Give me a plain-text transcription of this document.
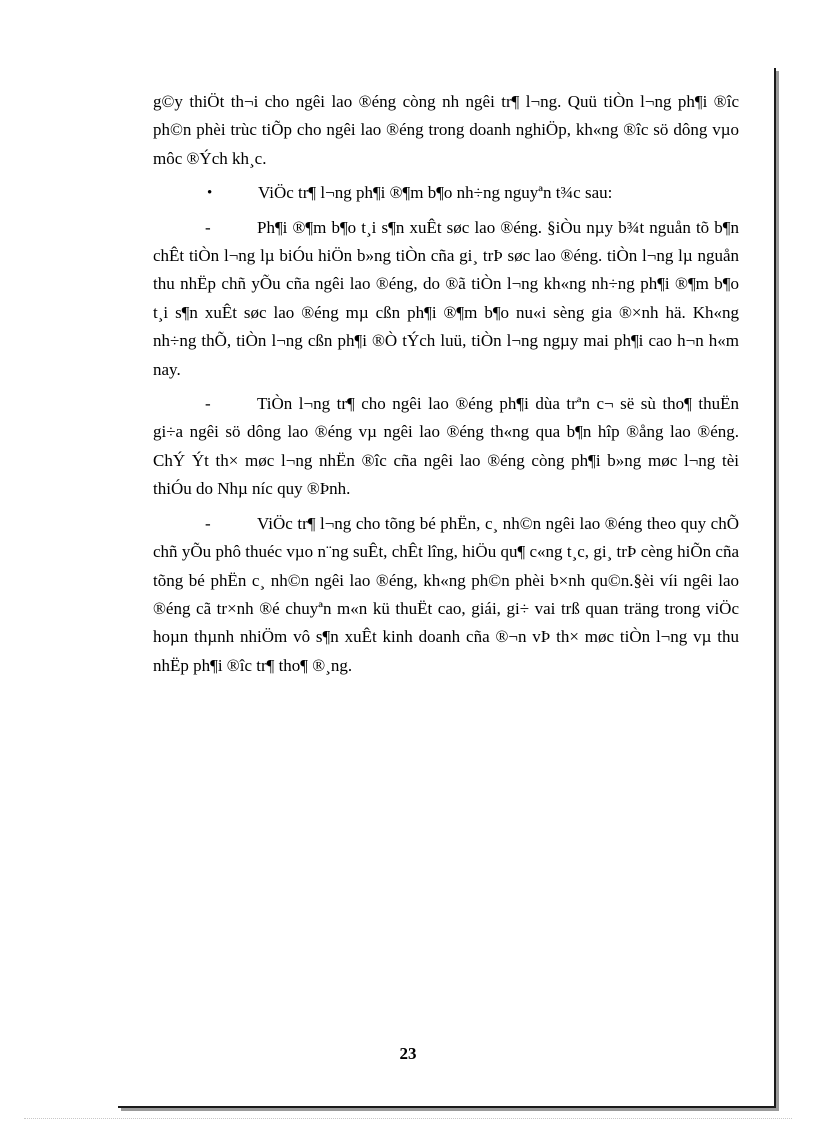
g©y thiÖt th¬i cho ngêi lao ®éng còng nh ngêi tr¶ l¬ng. Quü tiÒn l¬ng ph¶i ®îc ph©n phèi trùc tiÕp cho ngêi lao ®éng trong doanh nghiÖp, kh«ng ®îc sö dông vµo môc ®Ých kh¸c.

•	ViÖc tr¶ l¬ng ph¶i ®¶m b¶o nh÷ng nguyªn t¾c sau:

-	Ph¶i ®¶m b¶o t¸i s¶n xuÊt søc lao ®éng. §iÒu nµy b¾t nguån tõ b¶n chÊt tiÒn l¬ng lµ biÓu hiÖn b»ng tiÒn cña gi¸ trÞ søc lao ®éng. tiÒn l¬ng lµ nguån thu nhËp chñ yÕu cña ngêi lao ®éng, do ®ã tiÒn l¬ng kh«ng nh÷ng ph¶i ®¶m b¶o t¸i s¶n xuÊt søc lao ®éng mµ cßn ph¶i ®¶m b¶o nu«i sèng gia ®×nh hä. Kh«ng nh÷ng thÕ, tiÒn l¬ng cßn ph¶i ®Ò tÝch luü, tiÒn l¬ng ngµy mai ph¶i cao h¬n h«m nay.

-	TiÒn l¬ng tr¶ cho ngêi lao ®éng ph¶i dùa trªn c¬ së sù tho¶ thuËn gi÷a ngêi sö dông lao ®éng vµ ngêi lao ®éng th«ng qua b¶n hîp ®ång lao ®éng. ChÝ Ýt th× møc l¬ng nhËn ®îc cña ngêi lao ®éng còng ph¶i b»ng møc l¬ng tèi thiÓu do Nhµ níc quy ®Þnh.

-	ViÖc tr¶ l¬ng cho tõng bé phËn, c¸ nh©n ngêi lao ®éng theo quy chÕ chñ yÕu phô thuéc vµo n¨ng suÊt, chÊt lîng, hiÖu qu¶ c«ng t¸c, gi¸ trÞ cèng hiÕn cña tõng bé phËn c¸ nh©n ngêi lao ®éng, kh«ng ph©n phèi b×nh qu©n.§èi víi ngêi lao ®éng cã tr×nh ®é chuyªn m«n kü thuËt cao, giái, gi÷ vai trß quan träng trong viÖc hoµn thµnh nhiÖm vô s¶n xuÊt kinh doanh cña ®¬n vÞ th× møc tiÒn l¬ng vµ thu nhËp ph¶i ®îc tr¶ tho¶ ®¸ng.

23
